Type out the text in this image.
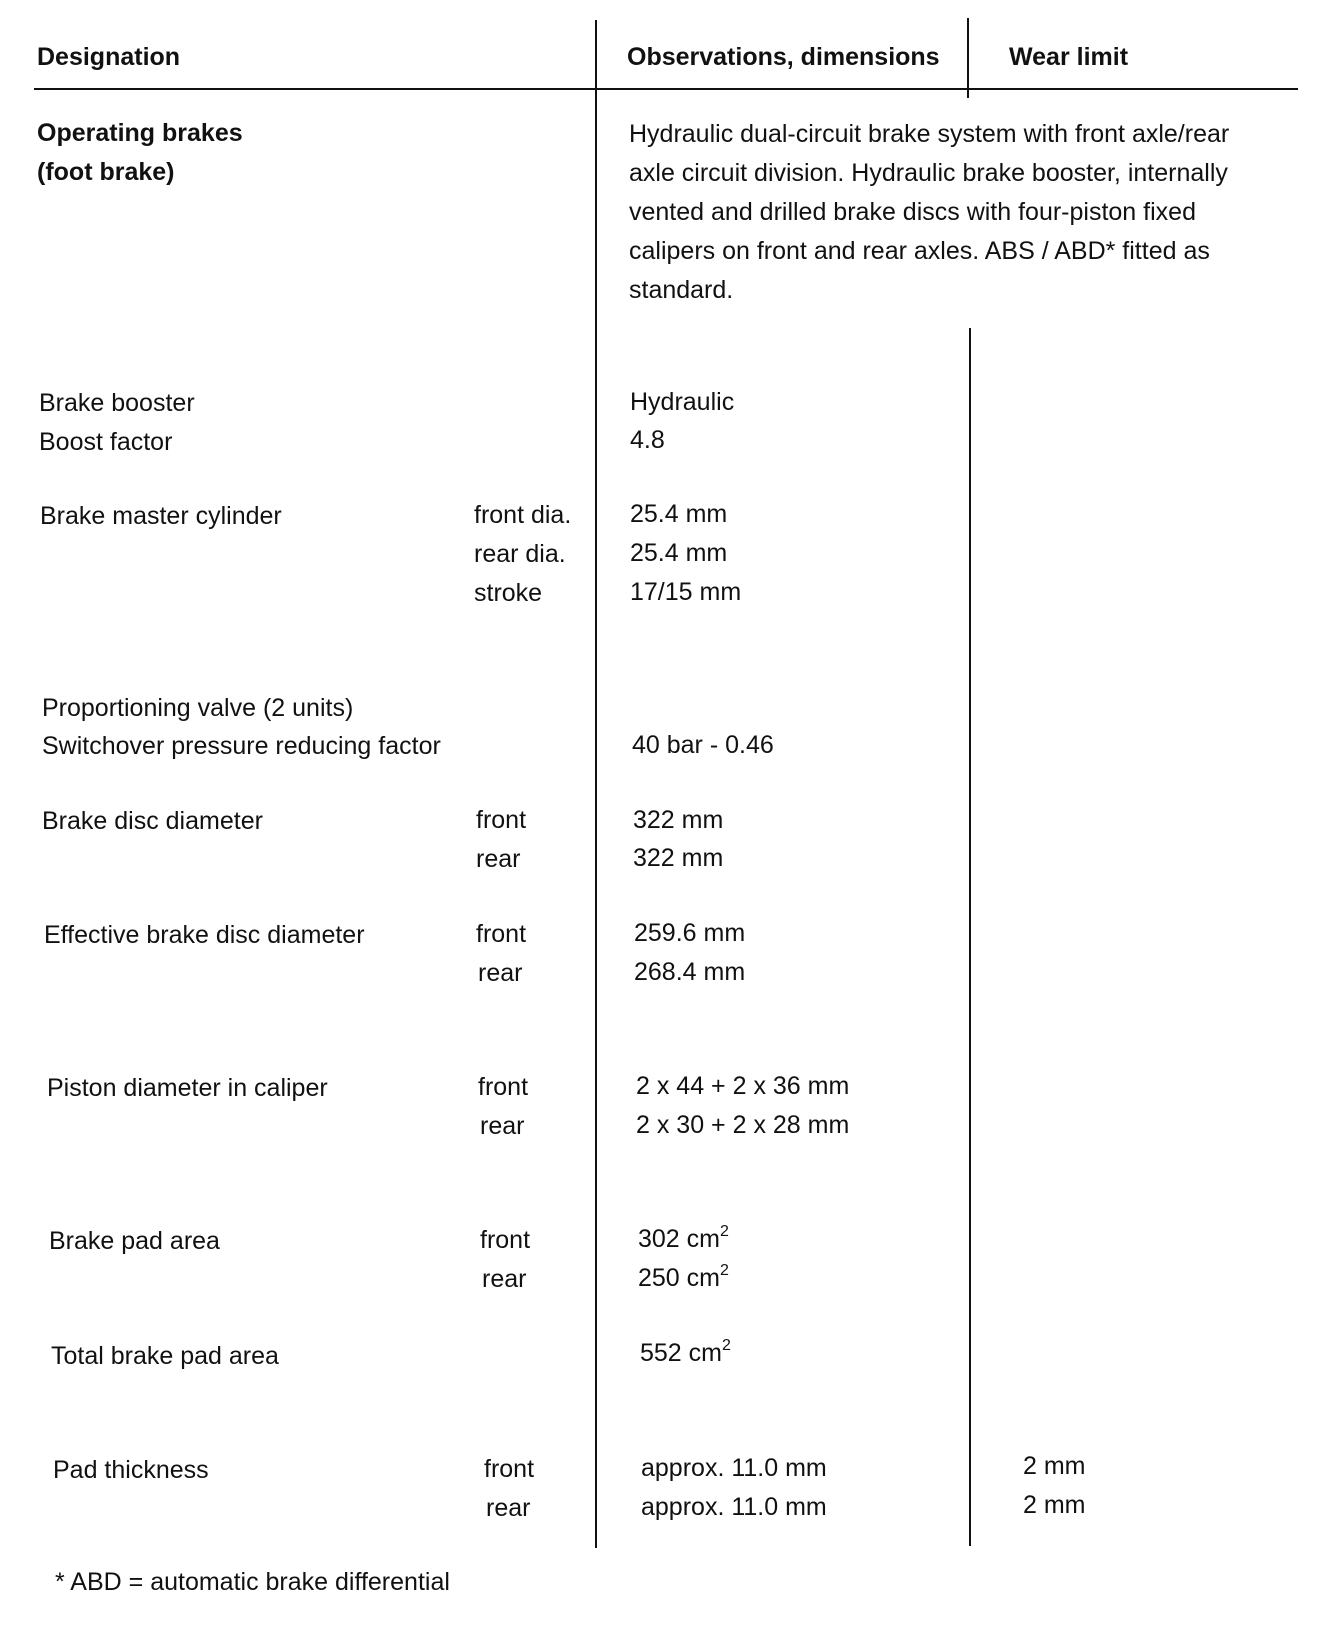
Designation	Observations, dimensions	Wear limit
Operating brakes
(foot brake)
Hydraulic dual-circuit brake system with front axle/rear axle circuit division. Hydraulic brake booster, internally vented and drilled brake discs with four-piston fixed calipers on front and rear axles. ABS / ABD* fitted as standard.
Brake booster	Hydraulic
Boost factor	4.8
Brake master cylinder	front dia. 25.4 mm
rear dia.	25.4 mm
stroke	17/15 mm
Proportioning valve (2 units)
Switchover pressure reducing factor	40 bar - 0.46
Brake disc diameter	front	322 mm
rear	322 mm
Effective brake disc diameter	front	259.6 mm
rear	268.4 mm
Piston diameter in caliper	front	2 x 44 + 2 x 36 mm
rear	2 x 30 + 2 x 28 mm
Brake pad area	front	302 $cm^2$
rear	250 $cm^2$
Total brake pad area	552 $cm^2$
Pad thickness	front	approx. 11.0 mm	2 mm
rear	approx. 11.0 mm	2 mm
* ABD = automatic brake differential
